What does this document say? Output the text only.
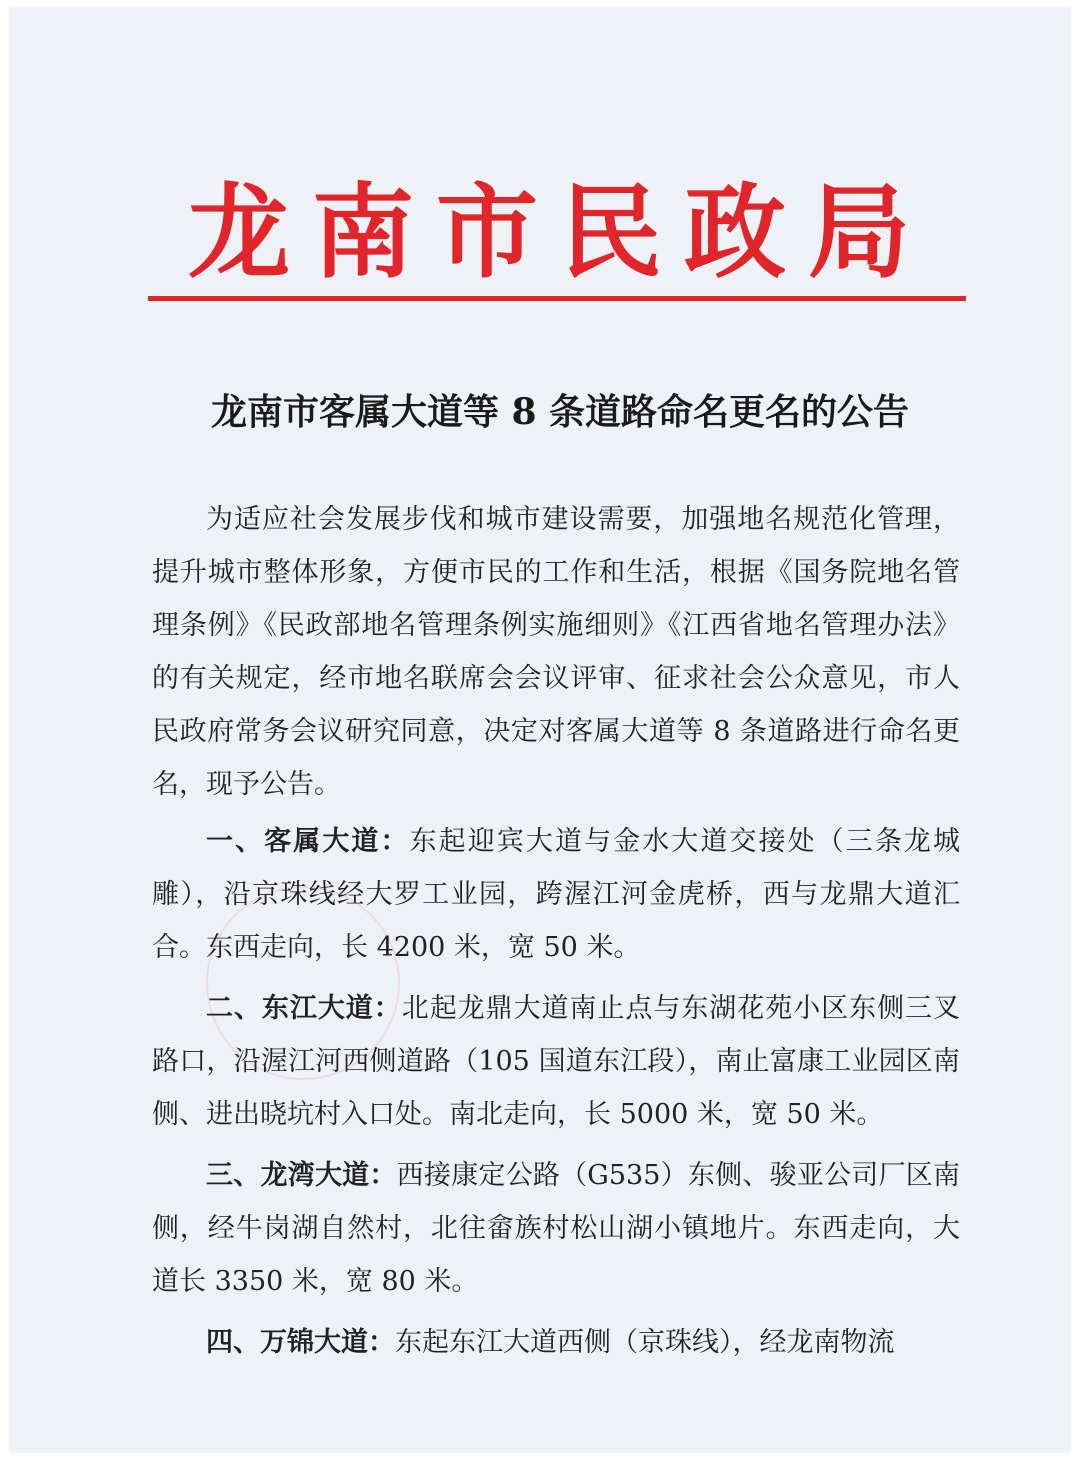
龙南市民政局
龙南市客属大道等 8 条道路命名更名的公告

为适应社会发展步伐和城市建设需要，加强地名规范化管理，提升城市整体形象，方便市民的工作和生活，根据《国务院地名管理条例》《民政部地名管理条例实施细则》《江西省地名管理办法》的有关规定，经市地名联席会会议评审、征求社会公众意见，市人民政府常务会议研究同意，决定对客属大道等 8 条道路进行命名更名，现予公告。

一、客属大道：东起迎宾大道与金水大道交接处（三条龙城雕），沿京珠线经大罗工业园，跨渥江河金虎桥，西与龙鼎大道汇合。东西走向，长 4200 米，宽 50 米。

二、东江大道：北起龙鼎大道南止点与东湖花苑小区东侧三叉路口，沿渥江河西侧道路（105 国道东江段），南止富康工业园区南侧、进出晓坑村入口处。南北走向，长 5000 米，宽 50 米。

三、龙湾大道：西接康定公路（G535）东侧、骏亚公司厂区南侧，经牛岗湖自然村，北往畲族村松山湖小镇地片。东西走向，大道长 3350 米，宽 80 米。

四、万锦大道：东起东江大道西侧（京珠线），经龙南物流
